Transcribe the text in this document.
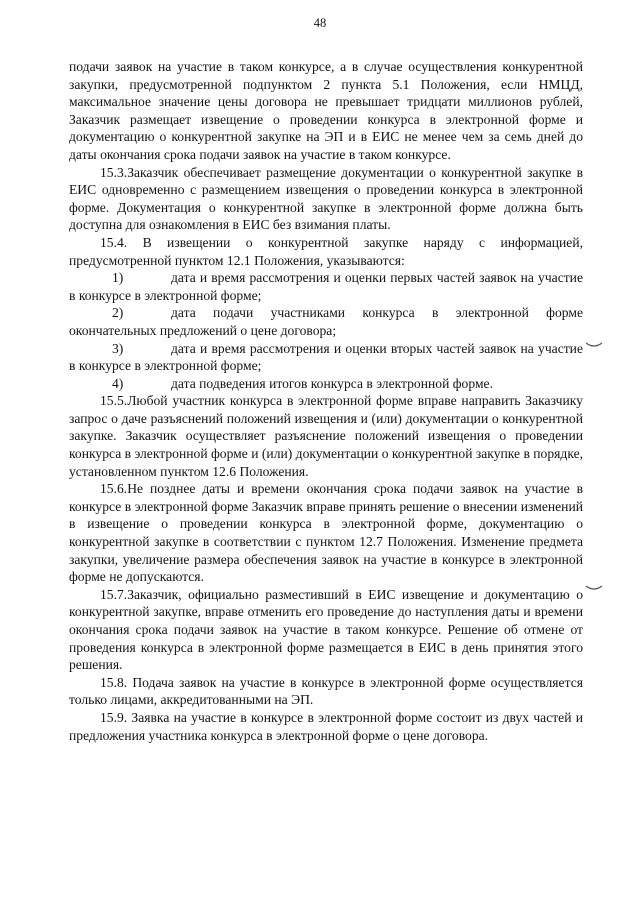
48

подачи заявок на участие в таком конкурсе, а в случае осуществления конкурентной закупки, предусмотренной подпунктом 2 пункта 5.1 Положения, если НМЦД, максимальное значение цены договора не превышает тридцати миллионов рублей, Заказчик размещает извещение о проведении конкурса в электронной форме и документацию о конкурентной закупке на ЭП и в ЕИС не менее чем за семь дней до даты окончания срока подачи заявок на участие в таком конкурсе.

15.3.Заказчик обеспечивает размещение документации о конкурентной закупке в ЕИС одновременно с размещением извещения о проведении конкурса в электронной форме. Документация о конкурентной закупке в электронной форме должна быть доступна для ознакомления в ЕИС без взимания платы.

15.4. В извещении о конкурентной закупке наряду с информацией, предусмотренной пунктом 12.1 Положения, указываются:

1)	дата и время рассмотрения и оценки первых частей заявок на участие в конкурсе в электронной форме;

2)	дата подачи участниками конкурса в электронной форме окончательных предложений о цене договора;

3)	дата и время рассмотрения и оценки вторых частей заявок на участие в конкурсе в электронной форме;

4)	дата подведения итогов конкурса в электронной форме.

15.5.Любой участник конкурса в электронной форме вправе направить Заказчику запрос о даче разъяснений положений извещения и (или) документации о конкурентной закупке. Заказчик осуществляет разъяснение положений извещения о проведении конкурса в электронной форме и (или) документации о конкурентной закупке в порядке, установленном пунктом 12.6 Положения.

15.6.Не позднее даты и времени окончания срока подачи заявок на участие в конкурсе в электронной форме Заказчик вправе принять решение о внесении изменений в извещение о проведении конкурса в электронной форме, документацию о конкурентной закупке в соответствии с пунктом 12.7 Положения. Изменение предмета закупки, увеличение размера обеспечения заявок на участие в конкурсе в электронной форме не допускаются.

15.7.Заказчик, официально разместивший в ЕИС извещение и документацию о конкурентной закупке, вправе отменить его проведение до наступления даты и времени окончания срока подачи заявок на участие в таком конкурсе. Решение об отмене от проведения конкурса в электронной форме размещается в ЕИС в день принятия этого решения.

15.8. Подача заявок на участие в конкурсе в электронной форме осуществляется только лицами, аккредитованными на ЭП.

15.9. Заявка на участие в конкурсе в электронной форме состоит из двух частей и предложения участника конкурса в электронной форме о цене договора.
